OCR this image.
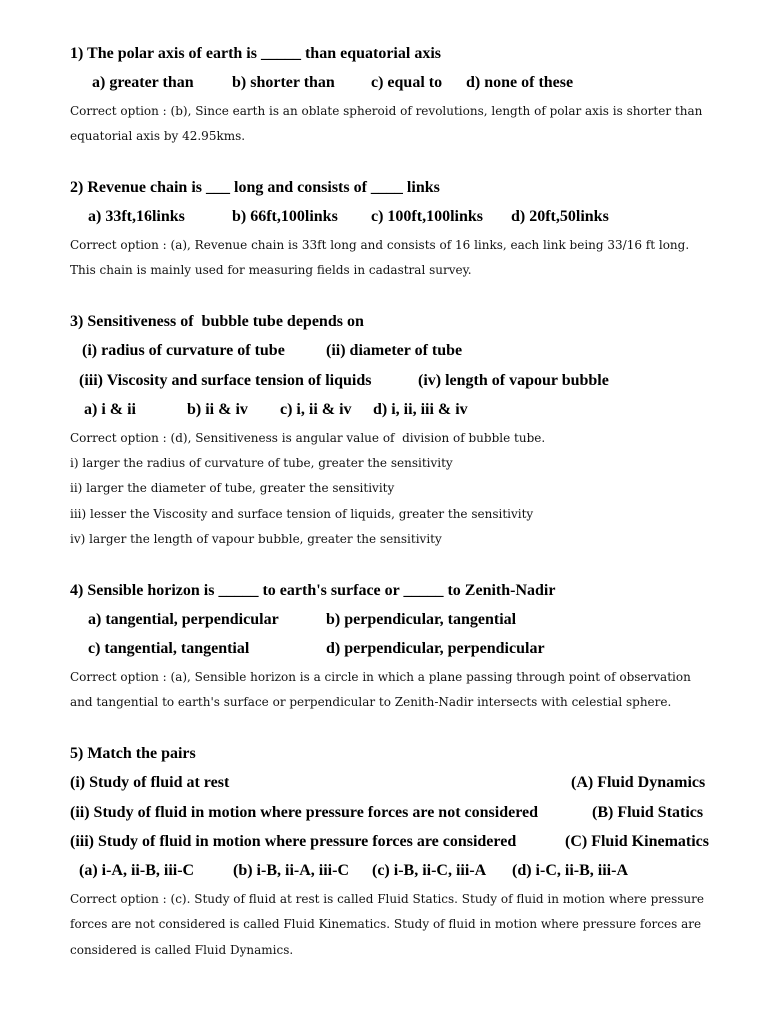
1) The polar axis of earth is _____ than equatorial axis
a) greater than b) shorter than c) equal to d) none of these
Correct option : (b), Since earth is an oblate spheroid of revolutions, length of polar axis is shorter than
equatorial axis by 42.95kms.
2) Revenue chain is ___ long and consists of ____ links
a) 33ft,16links	b) 66ft,100links c) 100ft,100links d) 20ft,50links
Correct option : (a), Revenue chain is 33ft long and consists of 16 links, each link being 33/16 ft long.
This chain is mainly used for measuring fields in cadastral survey.
3) Sensitiveness of  bubble tube depends on
(i) radius of curvature of tube	(ii) diameter of tube
(iii) Viscosity and surface tension of liquids	(iv) length of vapour bubble
a) i & ii	b) ii & iv c) i, ii & iv d) i, ii, iii & iv
Correct option : (d), Sensitiveness is angular value of  division of bubble tube.
i) larger the radius of curvature of tube, greater the sensitivity
ii) larger the diameter of tube, greater the sensitivity
iii) lesser the Viscosity and surface tension of liquids, greater the sensitivity
iv) larger the length of vapour bubble, greater the sensitivity
4) Sensible horizon is _____ to earth's surface or _____ to Zenith-Nadir
a) tangential, perpendicular	b) perpendicular, tangential
c) tangential, tangential	d) perpendicular, perpendicular
Correct option : (a), Sensible horizon is a circle in which a plane passing through point of observation
and tangential to earth's surface or perpendicular to Zenith-Nadir intersects with celestial sphere.
5) Match the pairs
(i) Study of fluid at rest	(A) Fluid Dynamics
(ii) Study of fluid in motion where pressure forces are not considered	(B) Fluid Statics
(iii) Study of fluid in motion where pressure forces are considered	(C) Fluid Kinematics
(a) i-A, ii-B, iii-C (b) i-B, ii-A, iii-C (c) i-B, ii-C, iii-A (d) i-C, ii-B, iii-A
Correct option : (c). Study of fluid at rest is called Fluid Statics. Study of fluid in motion where pressure
forces are not considered is called Fluid Kinematics. Study of fluid in motion where pressure forces are
considered is called Fluid Dynamics.
